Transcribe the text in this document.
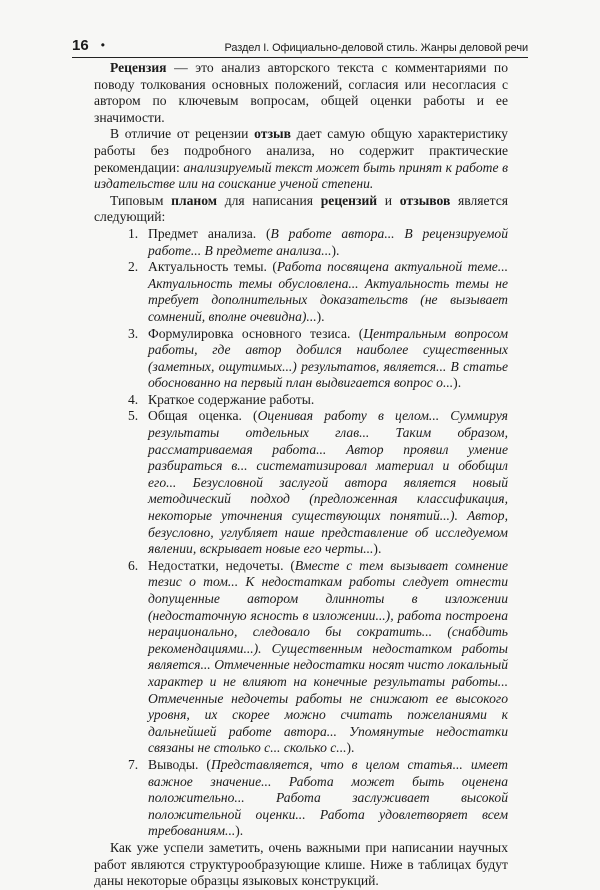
16 •	Раздел I. Официально-деловой стиль. Жанры деловой речи

Рецензия — это анализ авторского текста с комментариями по поводу толкования основных положений, согласия или несогласия с автором по ключевым вопросам, общей оценки работы и ее значимости.

В отличие от рецензии отзыв дает самую общую характеристику работы без подробного анализа, но содержит практические рекомендации: анализируемый текст может быть принят к работе в издательстве или на соискание ученой степени.

Типовым планом для написания рецензий и отзывов является следующий:

1. Предмет анализа. (В работе автора... В рецензируемой работе... В предмете анализа...).
2. Актуальность темы. (Работа посвящена актуальной теме... Актуальность темы обусловлена... Актуальность темы не требует дополнительных доказательств (не вызывает сомнений, вполне очевидна)...).
3. Формулировка основного тезиса. (Центральным вопросом работы, где автор добился наиболее существенных (заметных, ощутимых...) результатов, является... В статье обоснованно на первый план выдвигается вопрос о...).
4. Краткое содержание работы.
5. Общая оценка. (Оценивая работу в целом... Суммируя результаты отдельных глав... Таким образом, рассматриваемая работа... Автор проявил умение разбираться в... систематизировал материал и обобщил его... Безусловной заслугой автора является новый методический подход (предложенная классификация, некоторые уточнения существующих понятий...). Автор, безусловно, углубляет наше представление об исследуемом явлении, вскрывает новые его черты...).
6. Недостатки, недочеты. (Вместе с тем вызывает сомнение тезис о том... К недостаткам работы следует отнести допущенные автором длинноты в изложении (недостаточную ясность в изложении...), работа построена нерационально, следовало бы сократить... (снабдить рекомендациями...). Существенным недостатком работы является... Отмеченные недостатки носят чисто локальный характер и не влияют на конечные результаты работы... Отмеченные недочеты работы не снижают ее высокого уровня, их скорее можно считать пожеланиями к дальнейшей работе автора... Упомянутые недостатки связаны не столько с... сколько с...).
7. Выводы. (Представляется, что в целом статья... имеет важное значение... Работа может быть оценена положительно... Работа заслуживает высокой положительной оценки... Работа удовлетворяет всем требованиям...).

Как уже успели заметить, очень важными при написании научных работ являются структурообразующие клише. Ниже в таблицах будут даны некоторые образцы языковых конструкций.
